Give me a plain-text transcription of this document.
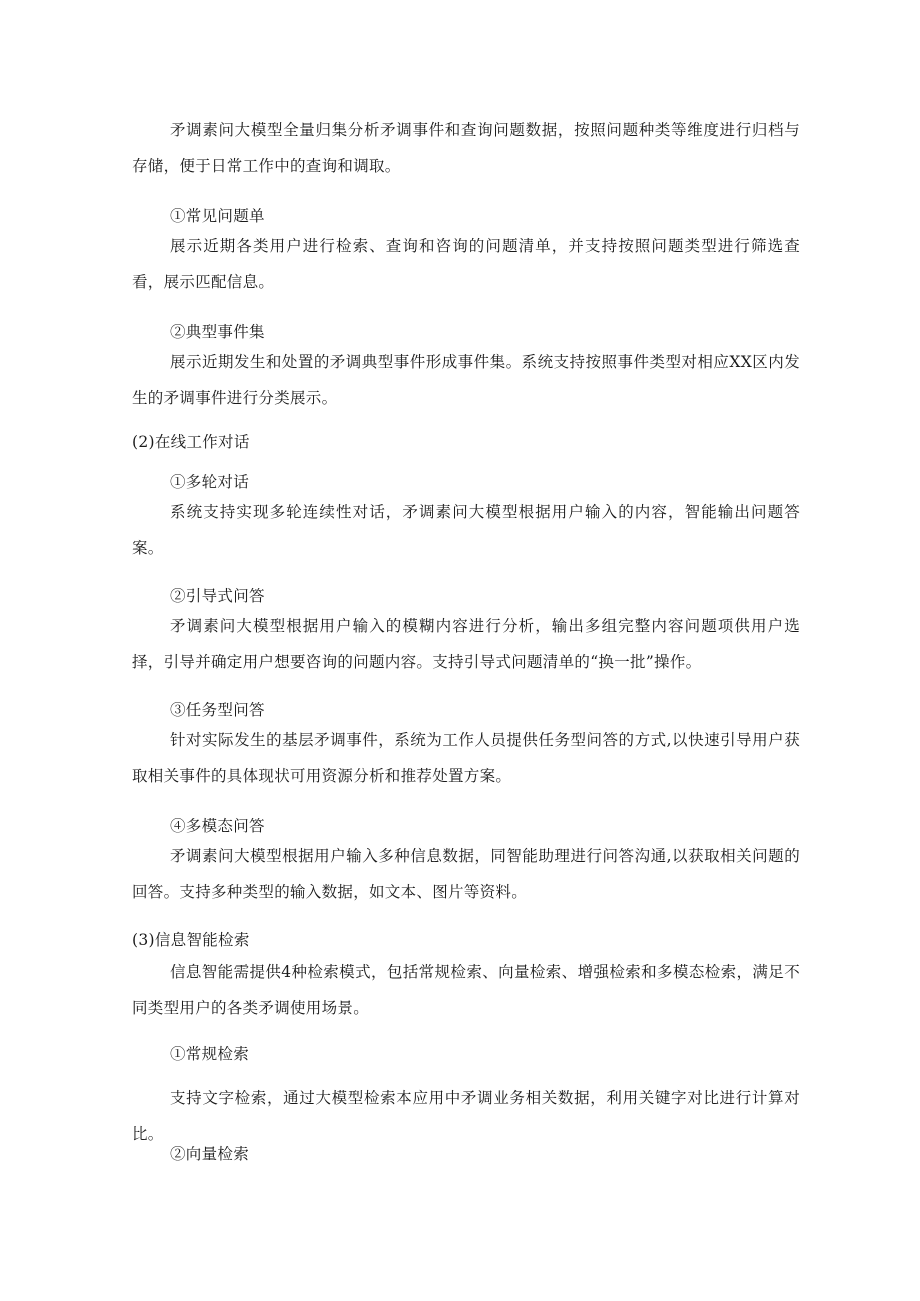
矛调素问大模型全量归集分析矛调事件和查询问题数据，按照问题种类等维度进行归档与存储，便于日常工作中的查询和调取。

①常见问题单

展示近期各类用户进行检索、查询和咨询的问题清单，并支持按照问题类型进行筛选查看，展示匹配信息。

②典型事件集

展示近期发生和处置的矛调典型事件形成事件集。系统支持按照事件类型对相应XX区内发生的矛调事件进行分类展示。

(2)在线工作对话

①多轮对话

系统支持实现多轮连续性对话，矛调素问大模型根据用户输入的内容，智能输出问题答案。

②引导式问答

矛调素问大模型根据用户输入的模糊内容进行分析，输出多组完整内容问题项供用户选择，引导并确定用户想要咨询的问题内容。支持引导式问题清单的“换一批”操作。

③任务型问答

针对实际发生的基层矛调事件，系统为工作人员提供任务型问答的方式,以快速引导用户获取相关事件的具体现状可用资源分析和推荐处置方案。

④多模态问答

矛调素问大模型根据用户输入多种信息数据，同智能助理进行问答沟通,以获取相关问题的回答。支持多种类型的输入数据，如文本、图片等资料。

(3)信息智能检索

信息智能需提供4种检索模式，包括常规检索、向量检索、增强检索和多模态检索，满足不同类型用户的各类矛调使用场景。

①常规检索

支持文字检索，通过大模型检索本应用中矛调业务相关数据，利用关键字对比进行计算对比。

②向量检索
